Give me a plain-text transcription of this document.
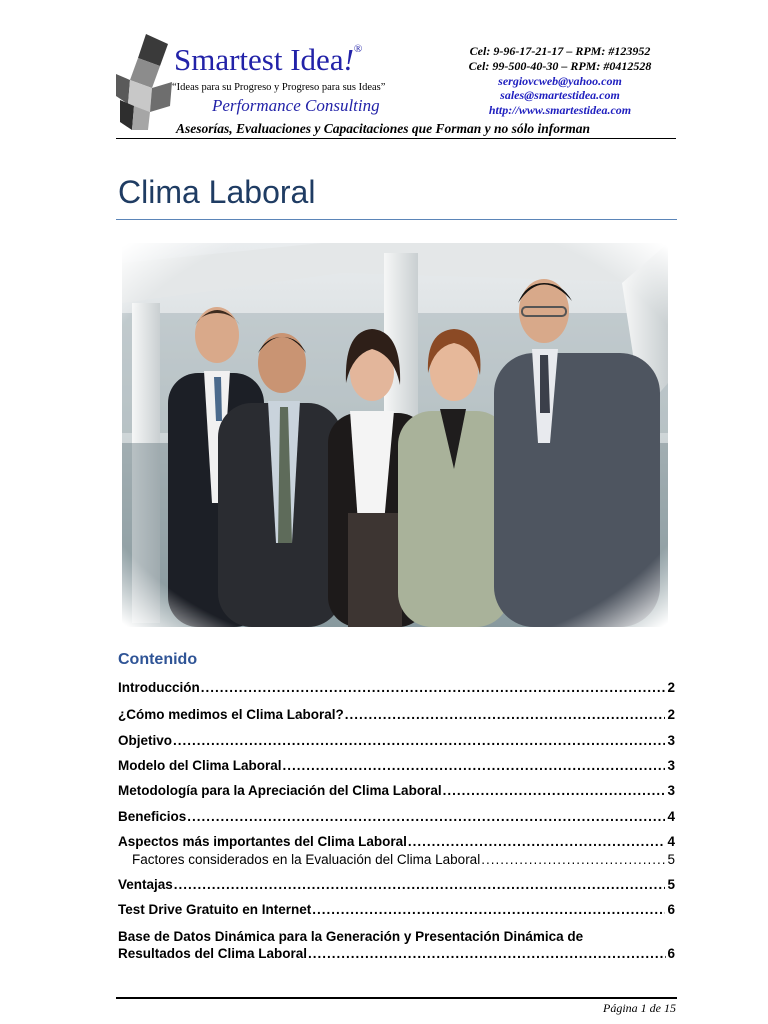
Smartest Idea!®
“Ideas para su Progreso y Progreso para sus Ideas”
Performance Consulting
Cel: 9-96-17-21-17 – RPM: #123952
Cel: 99-500-40-30 – RPM: #0412528
sergiovcweb@yahoo.com
sales@smartestidea.com
http://www.smartestidea.com
Asesorías, Evaluaciones y Capacitaciones que Forman y no sólo informan
Clima Laboral
Contenido
Introducción .....	2
¿Cómo medimos el Clima Laboral? .....	2
Objetivo .....	3
Modelo del Clima Laboral .....	3
Metodología para la Apreciación del Clima Laboral .....	3
Beneficios .....	4
Aspectos más importantes del Clima Laboral .....	4
Factores considerados en la Evaluación del Clima Laboral .....	5
Ventajas .....	5
Test Drive Gratuito en Internet .....	6
Base de Datos Dinámica para la Generación y Presentación Dinámica de
Resultados del Clima Laboral .....	6
Página 1 de 15
